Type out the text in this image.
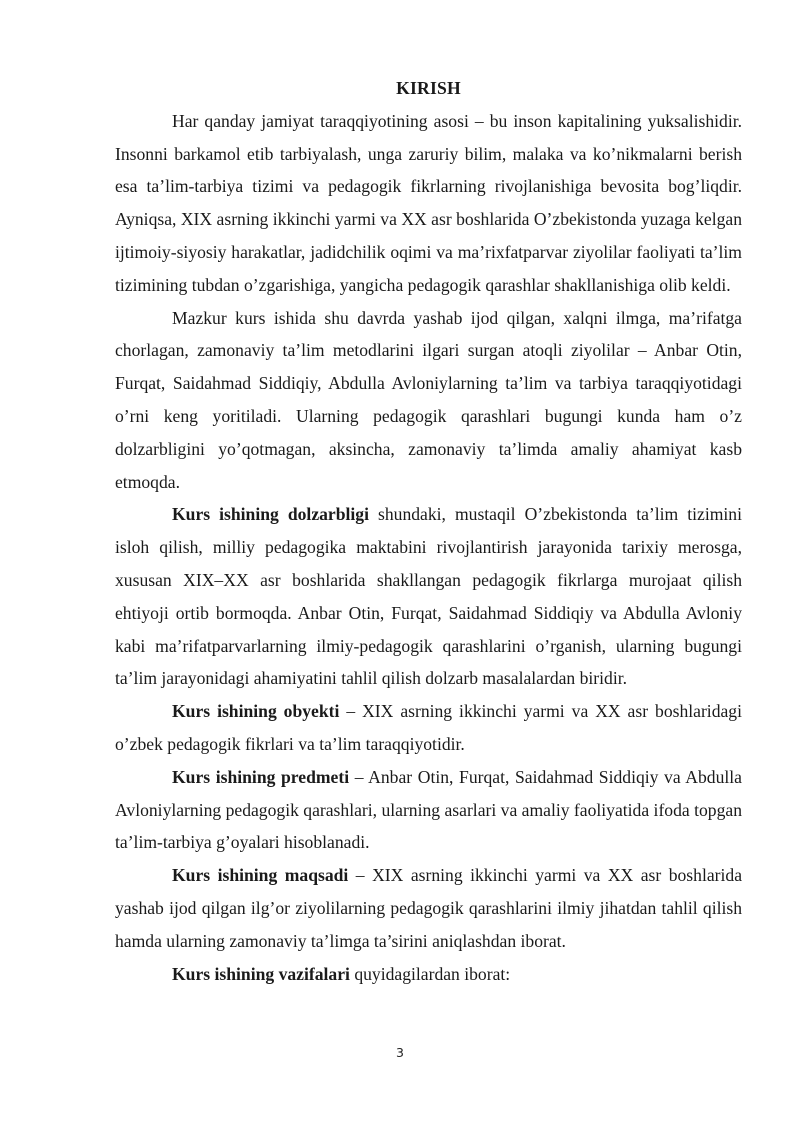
KIRISH

Har qanday jamiyat taraqqiyotining asosi – bu inson kapitalining yuksalishidir. Insonni barkamol etib tarbiyalash, unga zaruriy bilim, malaka va ko’nikmalarni berish esa ta’lim-tarbiya tizimi va pedagogik fikrlarning rivojlanishiga bevosita bog’liqdir. Ayniqsa, XIX asrning ikkinchi yarmi va XX asr boshlarida O’zbekistonda yuzaga kelgan ijtimoiy-siyosiy harakatlar, jadidchilik oqimi va ma’rixfatparvar ziyolilar faoliyati ta’lim tizimining tubdan o’zgarishiga, yangicha pedagogik qarashlar shakllanishiga olib keldi.

Mazkur kurs ishida shu davrda yashab ijod qilgan, xalqni ilmga, ma’rifatga chorlagan, zamonaviy ta’lim metodlarini ilgari surgan atoqli ziyolilar – Anbar Otin, Furqat, Saidahmad Siddiqiy, Abdulla Avloniylarning ta’lim va tarbiya taraqqiyotidagi o’rni keng yoritiladi. Ularning pedagogik qarashlari bugungi kunda ham o’z dolzarbligini yo’qotmagan, aksincha, zamonaviy ta’limda amaliy ahamiyat kasb etmoqda.

Kurs ishining dolzarbligi shundaki, mustaqil O’zbekistonda ta’lim tizimini isloh qilish, milliy pedagogika maktabini rivojlantirish jarayonida tarixiy merosga, xususan XIX–XX asr boshlarida shakllangan pedagogik fikrlarga murojaat qilish ehtiyoji ortib bormoqda. Anbar Otin, Furqat, Saidahmad Siddiqiy va Abdulla Avloniy kabi ma’rifatparvarlarning ilmiy-pedagogik qarashlarini o’rganish, ularning bugungi ta’lim jarayonidagi ahamiyatini tahlil qilish dolzarb masalalardan biridir.

Kurs ishining obyekti – XIX asrning ikkinchi yarmi va XX asr boshlaridagi o’zbek pedagogik fikrlari va ta’lim taraqqiyotidir.

Kurs ishining predmeti – Anbar Otin, Furqat, Saidahmad Siddiqiy va Abdulla Avloniylarning pedagogik qarashlari, ularning asarlari va amaliy faoliyatida ifoda topgan ta’lim-tarbiya g’oyalari hisoblanadi.

Kurs ishining maqsadi – XIX asrning ikkinchi yarmi va XX asr boshlarida yashab ijod qilgan ilg’or ziyolilarning pedagogik qarashlarini ilmiy jihatdan tahlil qilish hamda ularning zamonaviy ta’limga ta’sirini aniqlashdan iborat.

Kurs ishining vazifalari quyidagilardan iborat:

3
